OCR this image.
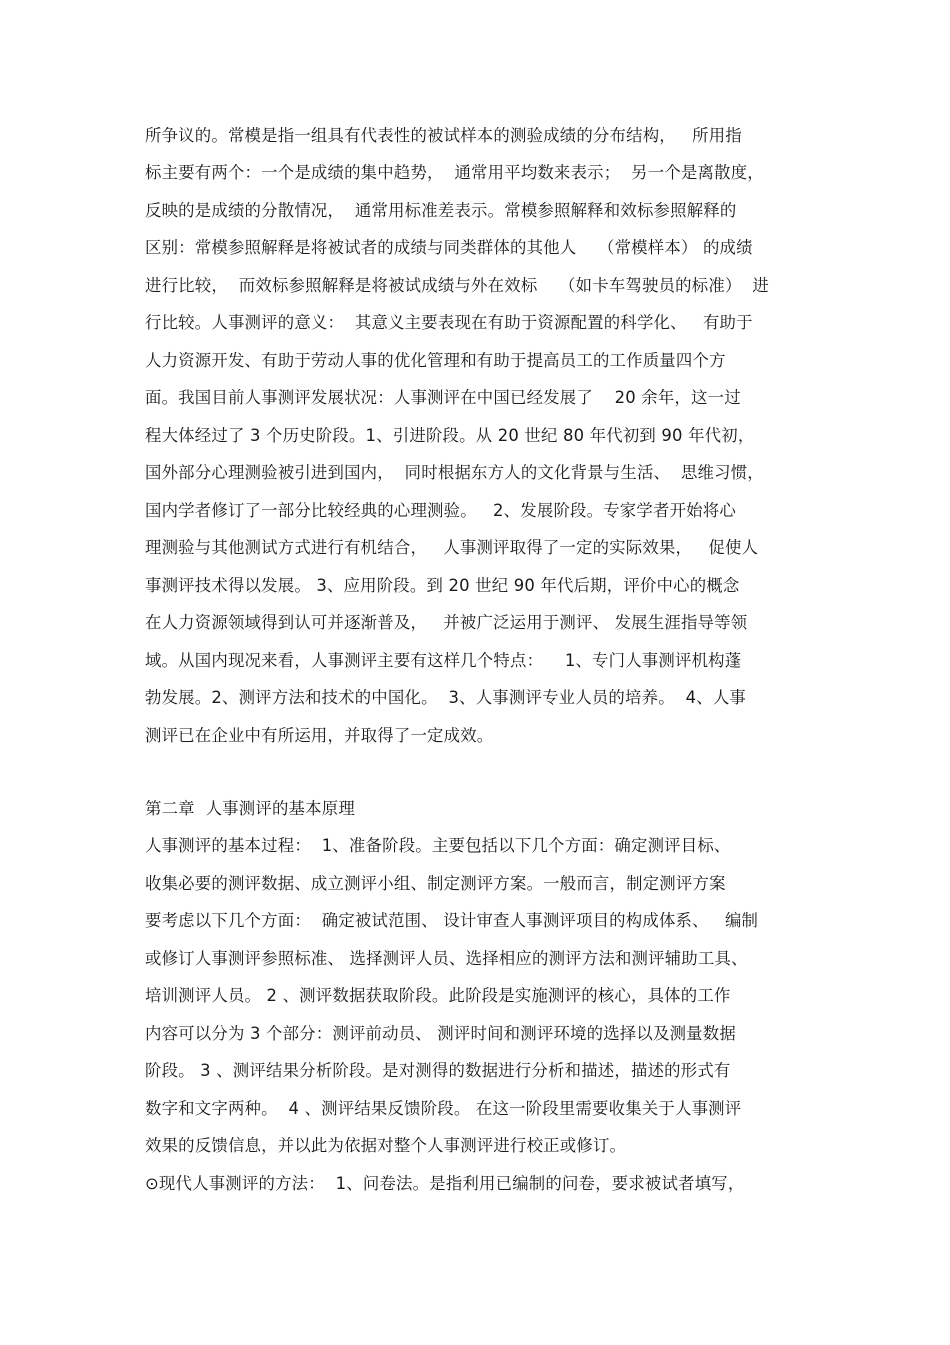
所争议的。常模是指一组具有代表性的被试样本的测验成绩的分布结构，   所用指
标主要有两个：一个是成绩的集中趋势，  通常用平均数来表示；  另一个是离散度，
反映的是成绩的分散情况，  通常用标准差表示。常模参照解释和效标参照解释的
区别：常模参照解释是将被试者的成绩与同类群体的其他人    （常模样本） 的成绩
进行比较，  而效标参照解释是将被试成绩与外在效标    （如卡车驾驶员的标准）  进
行比较。人事测评的意义：  其意义主要表现在有助于资源配置的科学化、   有助于
人力资源开发、有助于劳动人事的优化管理和有助于提高员工的工作质量四个方
面。我国目前人事测评发展状况：人事测评在中国已经发展了    20 余年，这一过
程大体经过了 3 个历史阶段。1、引进阶段。从 20 世纪 80 年代初到 90 年代初，
国外部分心理测验被引进到国内，  同时根据东方人的文化背景与生活、  思维习惯，
国内学者修订了一部分比较经典的心理测验。   2、发展阶段。专家学者开始将心
理测验与其他测试方式进行有机结合，   人事测评取得了一定的实际效果，   促使人
事测评技术得以发展。 3、应用阶段。到 20 世纪 90 年代后期，评价中心的概念
在人力资源领域得到认可并逐渐普及，   并被广泛运用于测评、 发展生涯指导等领
域。从国内现况来看，人事测评主要有这样几个特点：    1、专门人事测评机构蓬
勃发展。2、测评方法和技术的中国化。  3、人事测评专业人员的培养。  4、人事
测评已在企业中有所运用，并取得了一定成效。
第二章  人事测评的基本原理
人事测评的基本过程：  1、准备阶段。主要包括以下几个方面：确定测评目标、
收集必要的测评数据、成立测评小组、制定测评方案。一般而言，制定测评方案
要考虑以下几个方面：  确定被试范围、 设计审查人事测评项目的构成体系、   编制
或修订人事测评参照标准、 选择测评人员、选择相应的测评方法和测评辅助工具、
培训测评人员。 2 、测评数据获取阶段。此阶段是实施测评的核心，具体的工作
内容可以分为 3 个部分：测评前动员、 测评时间和测评环境的选择以及测量数据
阶段。 3 、测评结果分析阶段。是对测得的数据进行分析和描述，描述的形式有
数字和文字两种。  4 、测评结果反馈阶段。 在这一阶段里需要收集关于人事测评
效果的反馈信息，并以此为依据对整个人事测评进行校正或修订。
⊙现代人事测评的方法：  1、问卷法。是指利用已编制的问卷，要求被试者填写，
